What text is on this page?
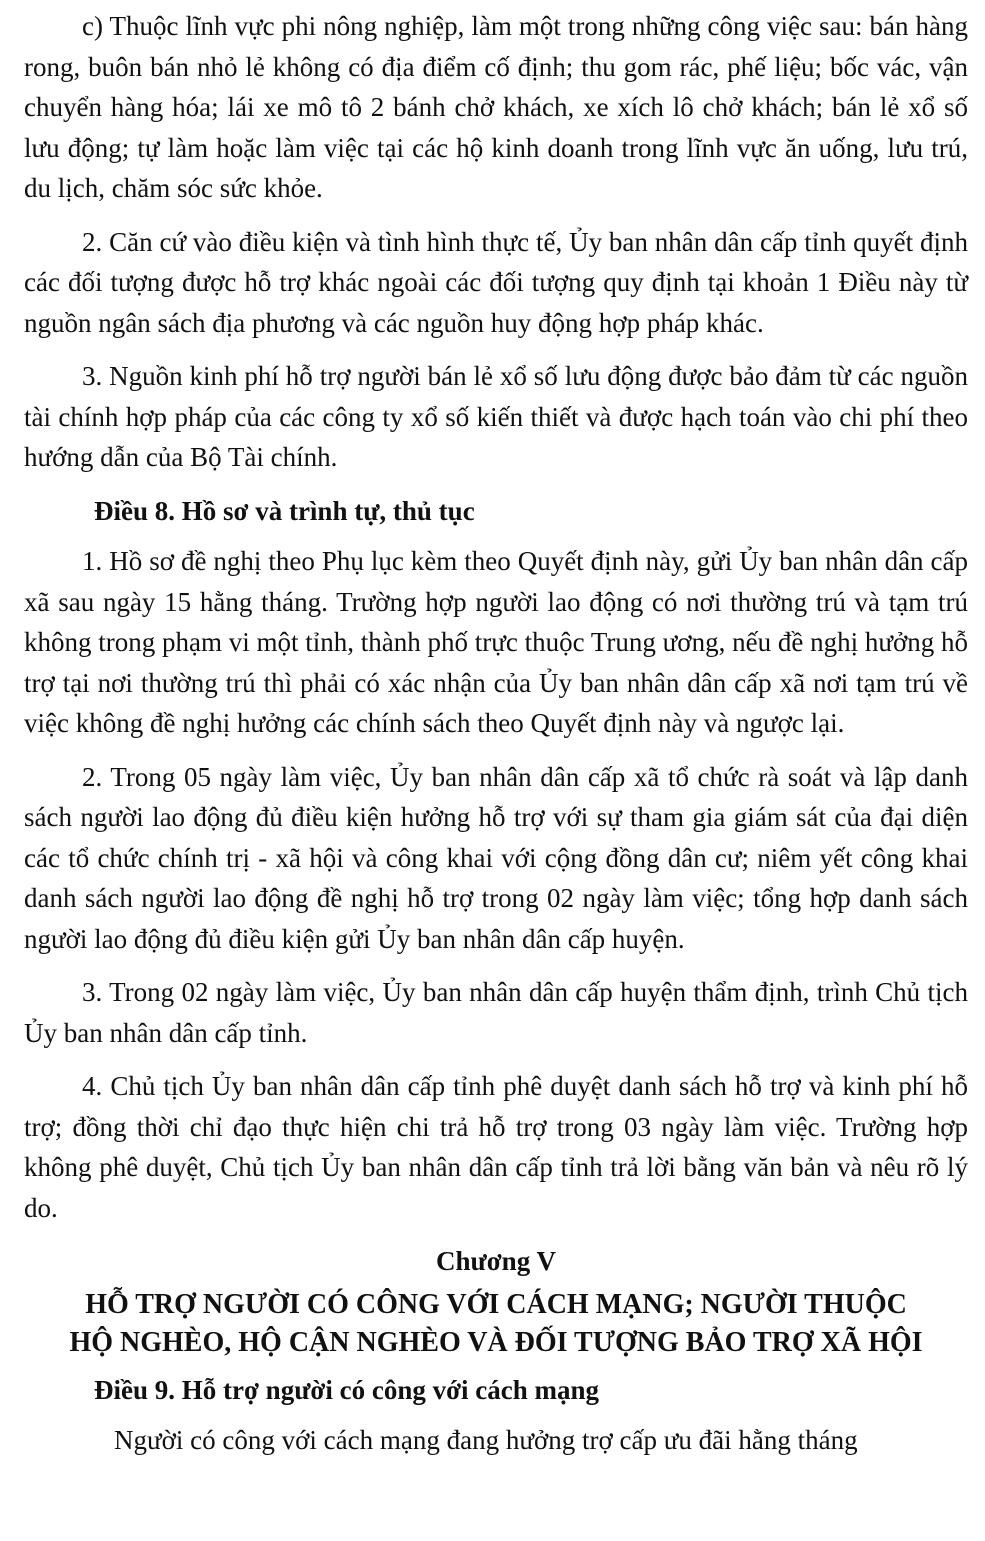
c) Thuộc lĩnh vực phi nông nghiệp, làm một trong những công việc sau: bán hàng rong, buôn bán nhỏ lẻ không có địa điểm cố định; thu gom rác, phế liệu; bốc vác, vận chuyển hàng hóa; lái xe mô tô 2 bánh chở khách, xe xích lô chở khách; bán lẻ xổ số lưu động; tự làm hoặc làm việc tại các hộ kinh doanh trong lĩnh vực ăn uống, lưu trú, du lịch, chăm sóc sức khỏe.

2. Căn cứ vào điều kiện và tình hình thực tế, Ủy ban nhân dân cấp tỉnh quyết định các đối tượng được hỗ trợ khác ngoài các đối tượng quy định tại khoản 1 Điều này từ nguồn ngân sách địa phương và các nguồn huy động hợp pháp khác.

3. Nguồn kinh phí hỗ trợ người bán lẻ xổ số lưu động được bảo đảm từ các nguồn tài chính hợp pháp của các công ty xổ số kiến thiết và được hạch toán vào chi phí theo hướng dẫn của Bộ Tài chính.

Điều 8. Hồ sơ và trình tự, thủ tục

1. Hồ sơ đề nghị theo Phụ lục kèm theo Quyết định này, gửi Ủy ban nhân dân cấp xã sau ngày 15 hằng tháng. Trường hợp người lao động có nơi thường trú và tạm trú không trong phạm vi một tỉnh, thành phố trực thuộc Trung ương, nếu đề nghị hưởng hỗ trợ tại nơi thường trú thì phải có xác nhận của Ủy ban nhân dân cấp xã nơi tạm trú về việc không đề nghị hưởng các chính sách theo Quyết định này và ngược lại.

2. Trong 05 ngày làm việc, Ủy ban nhân dân cấp xã tổ chức rà soát và lập danh sách người lao động đủ điều kiện hưởng hỗ trợ với sự tham gia giám sát của đại diện các tổ chức chính trị - xã hội và công khai với cộng đồng dân cư; niêm yết công khai danh sách người lao động đề nghị hỗ trợ trong 02 ngày làm việc; tổng hợp danh sách người lao động đủ điều kiện gửi Ủy ban nhân dân cấp huyện.

3. Trong 02 ngày làm việc, Ủy ban nhân dân cấp huyện thẩm định, trình Chủ tịch Ủy ban nhân dân cấp tỉnh.

4. Chủ tịch Ủy ban nhân dân cấp tỉnh phê duyệt danh sách hỗ trợ và kinh phí hỗ trợ; đồng thời chỉ đạo thực hiện chi trả hỗ trợ trong 03 ngày làm việc. Trường hợp không phê duyệt, Chủ tịch Ủy ban nhân dân cấp tỉnh trả lời bằng văn bản và nêu rõ lý do.

Chương V

HỖ TRỢ NGƯỜI CÓ CÔNG VỚI CÁCH MẠNG; NGƯỜI THUỘC
HỘ NGHÈO, HỘ CẬN NGHÈO VÀ ĐỐI TƯỢNG BẢO TRỢ XÃ HỘI

Điều 9. Hỗ trợ người có công với cách mạng

Người có công với cách mạng đang hưởng trợ cấp ưu đãi hằng tháng
